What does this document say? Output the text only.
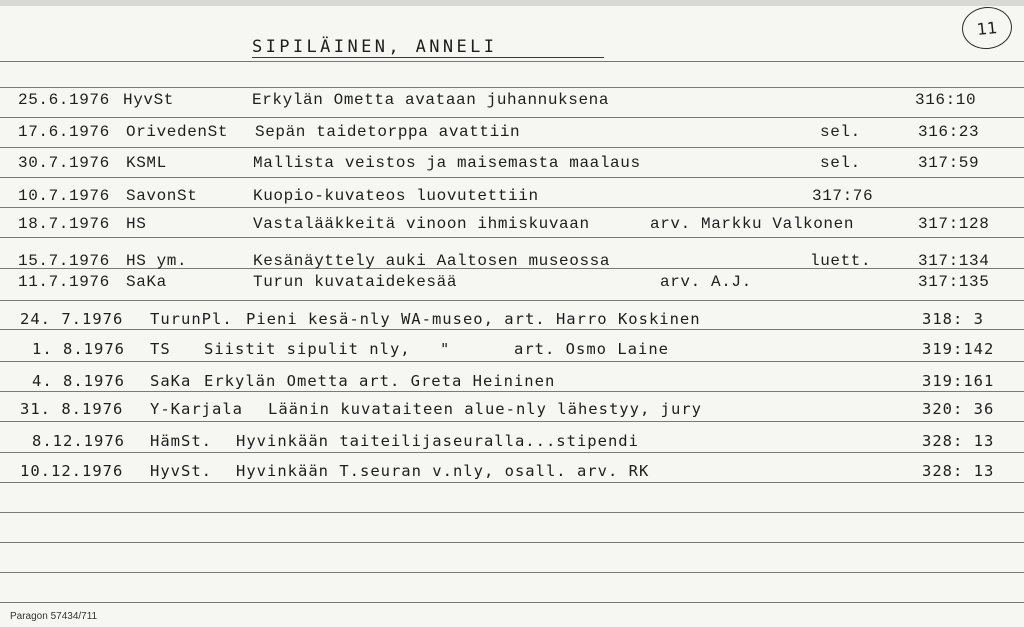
SIPILÄINEN, ANNELI
11
25.6.1976 HyvSt	Erkylän Ometta avataan juhannuksena	316:10
17.6.1976 OrivedenSt Sepän taidetorppa avattiin	sel.	316:23
30.7.1976 KSML	Mallista veistos ja maisemasta maalaus	sel.	317:59
10.7.1976 SavonSt	Kuopio-kuvateos luovutettiin	317:76
18.7.1976 HS	Vastalääkkeitä vinoon ihmiskuvaan	arv. Markku Valkonen	317:128
15.7.1976 HS ym.	Kesänäyttely auki Aaltosen museossa	luett.	317:134
11.7.1976 SaKa	Turun kuvataidekesää	arv. A.J.	317:135
24. 7.1976 TurunPl. Pieni kesä-nly WA-museo, art. Harro Koskinen	318: 3
1. 8.1976 TS Siistit sipulit nly, "	art. Osmo Laine	319:142
4. 8.1976 SaKa Erkylän Ometta art. Greta Heininen	319:161
31. 8.1976 Y-Karjala Läänin kuvataiteen alue-nly lähestyy, jury	320: 36
8.12.1976 HämSt. Hyvinkään taiteilijaseuralla...stipendi	328: 13
10.12.1976 HyvSt. Hyvinkään T.seuran v.nly, osall. arv. RK	328: 13
Paragon 57434/711
